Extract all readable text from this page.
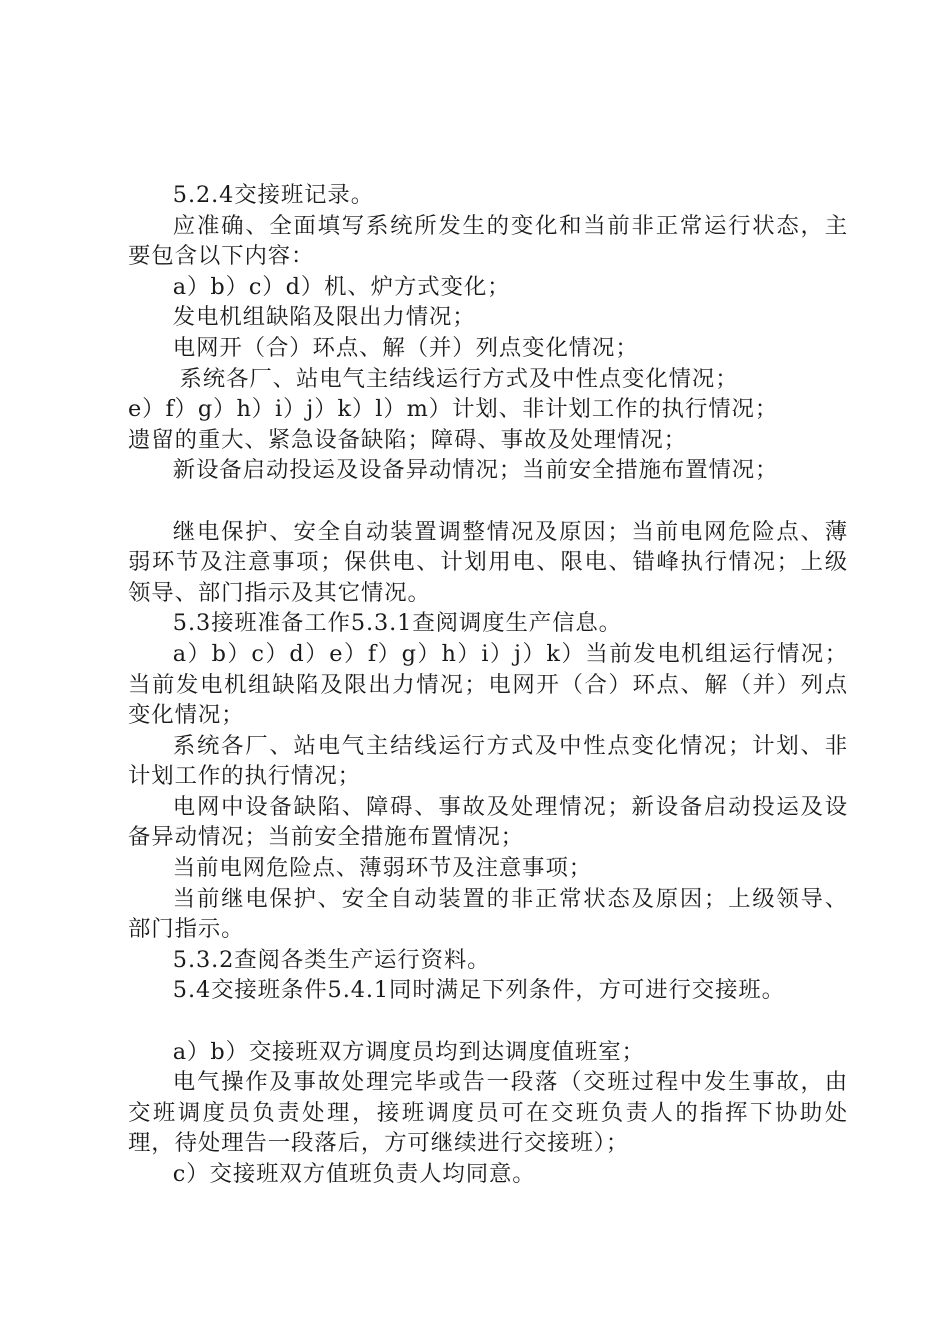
5.2.4交接班记录。

应准确、全面填写系统所发生的变化和当前非正常运行状态，主要包含以下内容：

a）b）c）d）机、炉方式变化；

发电机组缺陷及限出力情况；

电网开（合）环点、解（并）列点变化情况；

系统各厂、站电气主结线运行方式及中性点变化情况；

e）f）g）h）i）j）k）l）m）计划、非计划工作的执行情况；

遗留的重大、紧急设备缺陷；障碍、事故及处理情况；

新设备启动投运及设备异动情况；当前安全措施布置情况；

继电保护、安全自动装置调整情况及原因；当前电网危险点、薄弱环节及注意事项；保供电、计划用电、限电、错峰执行情况；上级领导、部门指示及其它情况。

5.3接班准备工作5.3.1查阅调度生产信息。

a）b）c）d）e）f）g）h）i）j）k）当前发电机组运行情况；当前发电机组缺陷及限出力情况；电网开（合）环点、解（并）列点变化情况；

系统各厂、站电气主结线运行方式及中性点变化情况；计划、非计划工作的执行情况；

电网中设备缺陷、障碍、事故及处理情况；新设备启动投运及设备异动情况；当前安全措施布置情况；

当前电网危险点、薄弱环节及注意事项；

当前继电保护、安全自动装置的非正常状态及原因；上级领导、部门指示。

5.3.2查阅各类生产运行资料。

5.4交接班条件5.4.1同时满足下列条件，方可进行交接班。

a）b）交接班双方调度员均到达调度值班室；

电气操作及事故处理完毕或告一段落（交班过程中发生事故，由交班调度员负责处理，接班调度员可在交班负责人的指挥下协助处理，待处理告一段落后，方可继续进行交接班）；

c）交接班双方值班负责人均同意。
